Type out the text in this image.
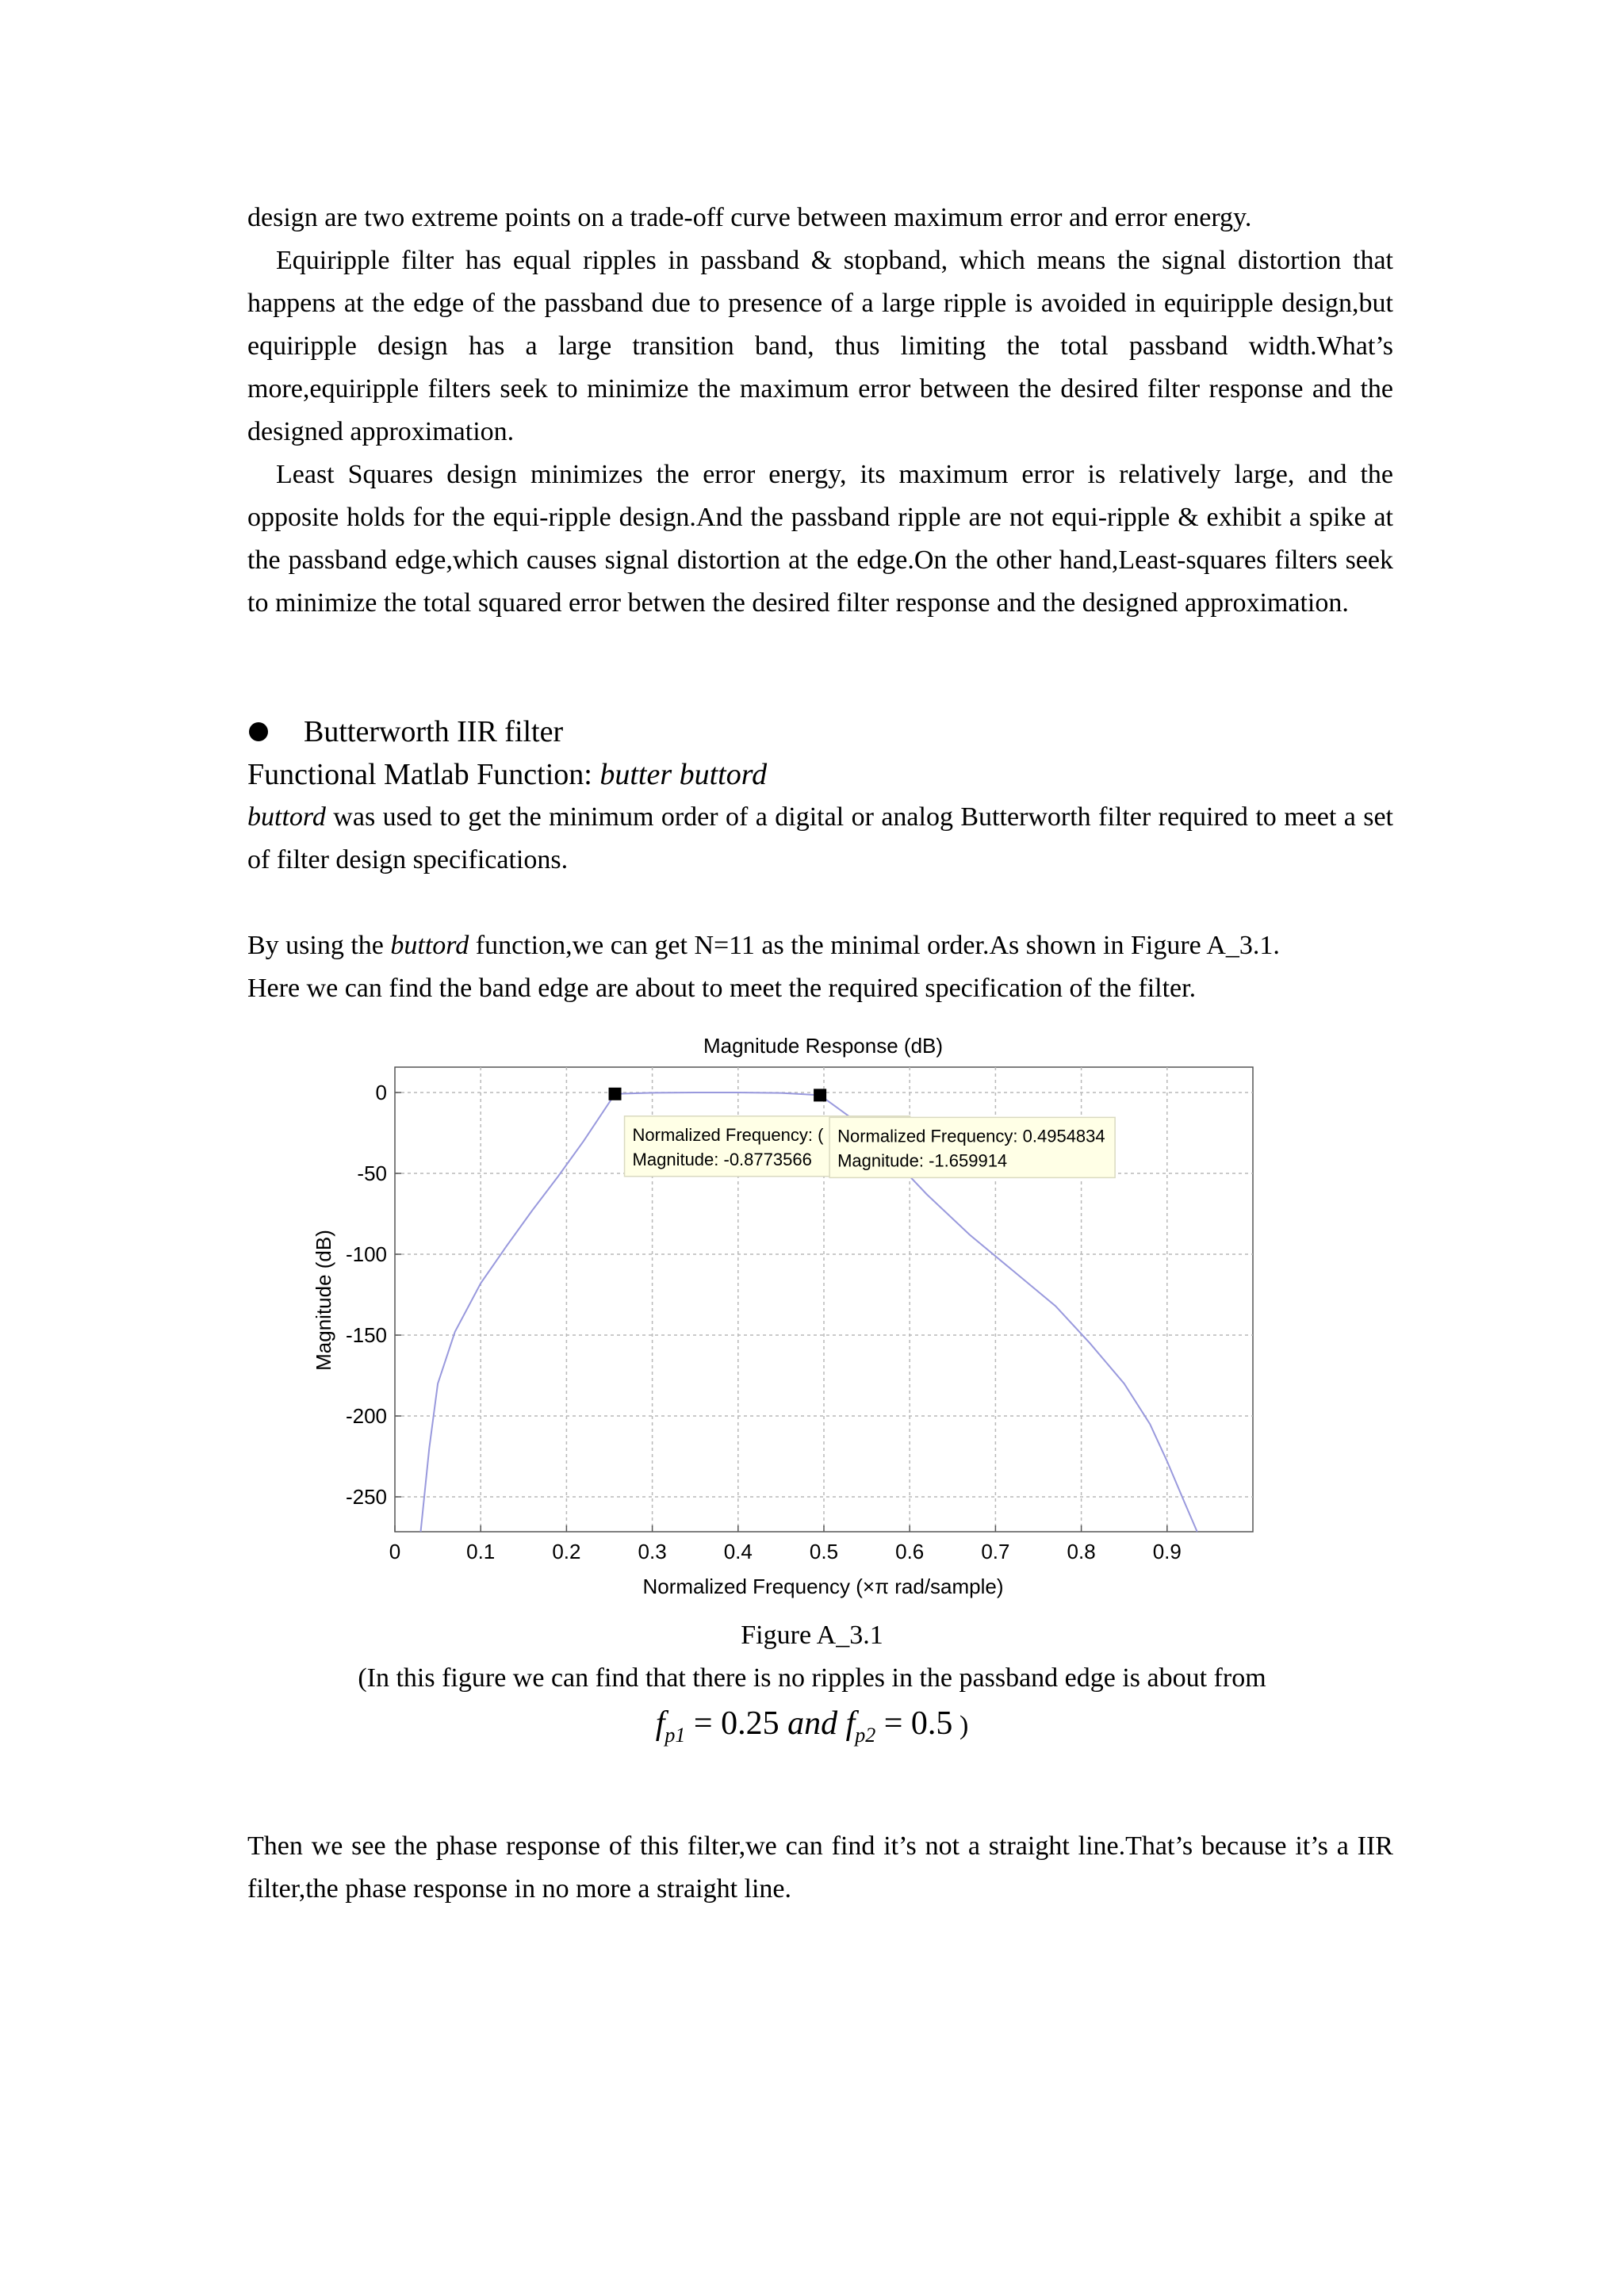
design are two extreme points on a trade-off curve between maximum error and error energy.

Equiripple filter has equal ripples in passband & stopband, which means the signal distortion that happens at the edge of the passband due to presence of a large ripple is avoided in equiripple design,but equiripple design has a large transition band, thus limiting the total passband width.What’s more,equiripple filters seek to minimize the maximum error between the desired filter response and the designed approximation.

Least Squares design minimizes the error energy, its maximum error is relatively large, and the opposite holds for the equi-ripple design.And the passband ripple are not equi-ripple & exhibit a spike at the passband edge,which causes signal distortion at the edge.On the other hand,Least-squares filters seek to minimize the total squared error betwen the desired filter response and the designed approximation.

Butterworth IIR filter
Functional Matlab Function: butter buttord

buttord was used to get the minimum order of a digital or analog Butterworth filter required to meet a set of filter design specifications.

By using the buttord function,we can get N=11 as the minimal order.As shown in Figure A_3.1.

Here we can find the band edge are about to meet the required specification of the filter.

Magnitude Response (dB)
0	0.1	0.2	0.3	0.4	0.5	0.6	0.7	0.8	0.9
0
-50
-100
-150
-200
-250
Normalized Frequency: (
Magnitude: -0.8773566
Normalized Frequency: 0.4954834
Magnitude: -1.659914
Normalized Frequency (×π rad/sample)
Magnitude (dB)
Figure A_3.1
(In this figure we can find that there is no ripples in the passband edge is about from
$f_{p1} = 0.25$ and $f_{p2} = 0.5$ )

Then we see the phase response of this filter,we can find it’s not a straight line.That’s because it’s a IIR filter,the phase response in no more a straight line.
